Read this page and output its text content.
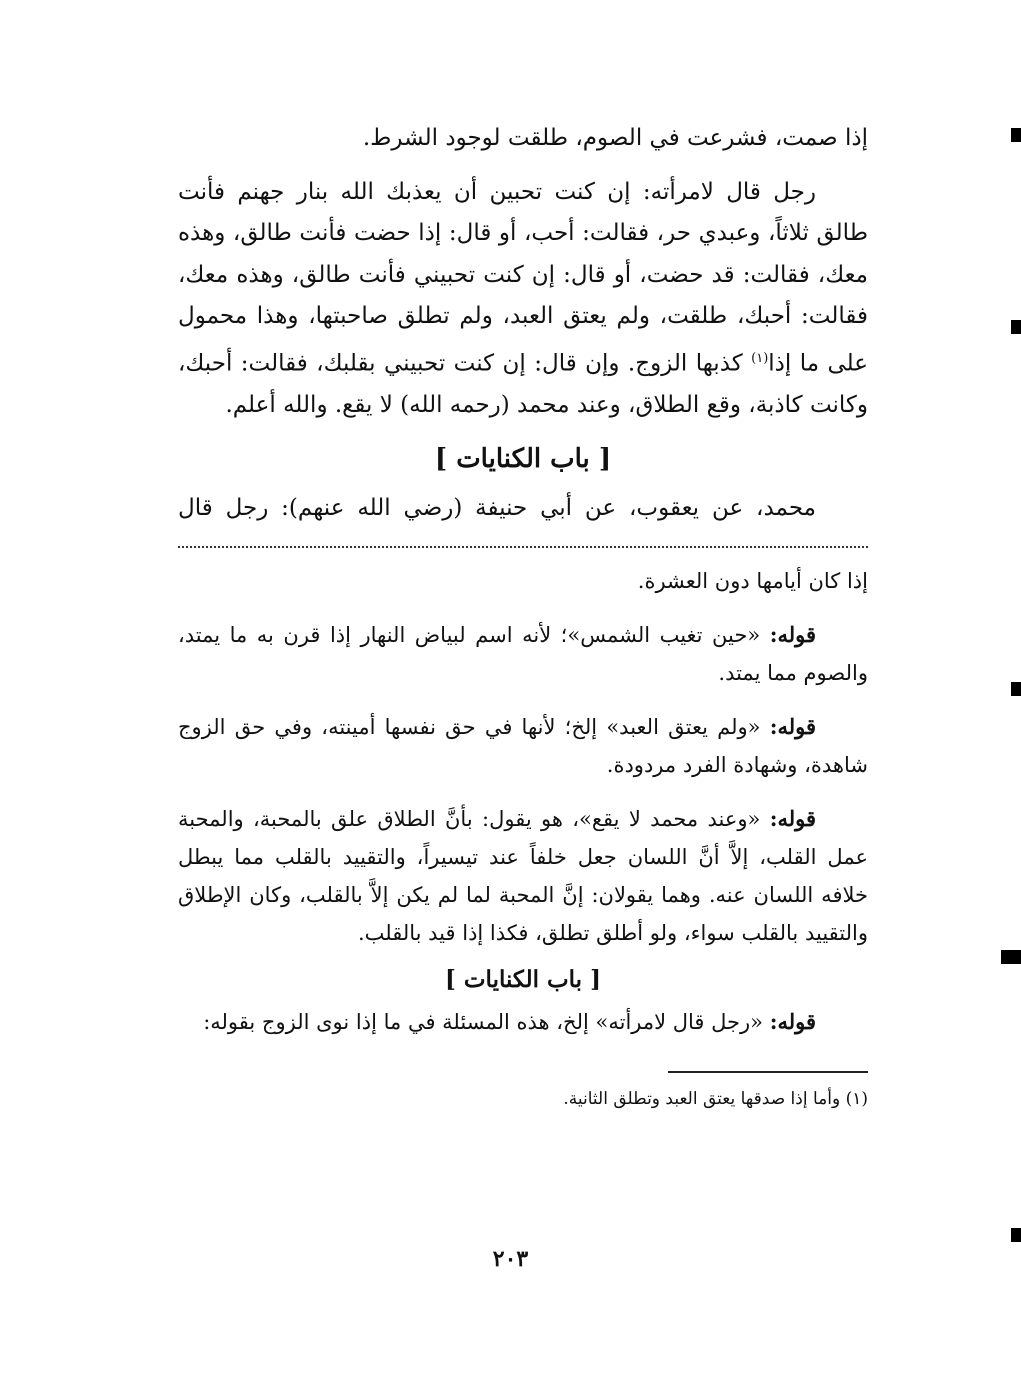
إذا صمت، فشرعت في الصوم، طلقت لوجود الشرط.

رجل قال لامرأته: إن كنت تحبين أن يعذبك الله بنار جهنم فأنت طالق ثلاثاً، وعبدي حر، فقالت: أحب، أو قال: إذا حضت فأنت طالق، وهذه معك، فقالت: قد حضت، أو قال: إن كنت تحبيني فأنت طالق، وهذه معك، فقالت: أحبك، طلقت، ولم يعتق العبد، ولم تطلق صاحبتها، وهذا محمول على ما إذا$^{(١)}$ كذبها الزوج. وإن قال: إن كنت تحبيني بقلبك، فقالت: أحبك، وكانت كاذبة، وقع الطلاق، وعند محمد (رحمه الله) لا يقع. والله أعلم.

[ باب الكنايات ]

محمد، عن يعقوب، عن أبي حنيفة (رضي الله عنهم): رجل قال

إذا كان أيامها دون العشرة.

قوله: «حين تغيب الشمس»؛ لأنه اسم لبياض النهار إذا قرن به ما يمتد، والصوم مما يمتد.

قوله: «ولم يعتق العبد» إلخ؛ لأنها في حق نفسها أمينته، وفي حق الزوج شاهدة، وشهادة الفرد مردودة.

قوله: «وعند محمد لا يقع»، هو يقول: بأنَّ الطلاق علق بالمحبة، والمحبة عمل القلب، إلاَّ أنَّ اللسان جعل خلفاً عند تيسيراً، والتقييد بالقلب مما يبطل خلافه اللسان عنه. وهما يقولان: إنَّ المحبة لما لم يكن إلاَّ بالقلب، وكان الإطلاق والتقييد بالقلب سواء، ولو أطلق تطلق، فكذا إذا قيد بالقلب.

[ باب الكنايات ]

قوله: «رجل قال لامرأته» إلخ، هذه المسئلة في ما إذا نوى الزوج بقوله:

(١) وأما إذا صدقها يعتق العبد وتطلق الثانية.

٢٠٣
